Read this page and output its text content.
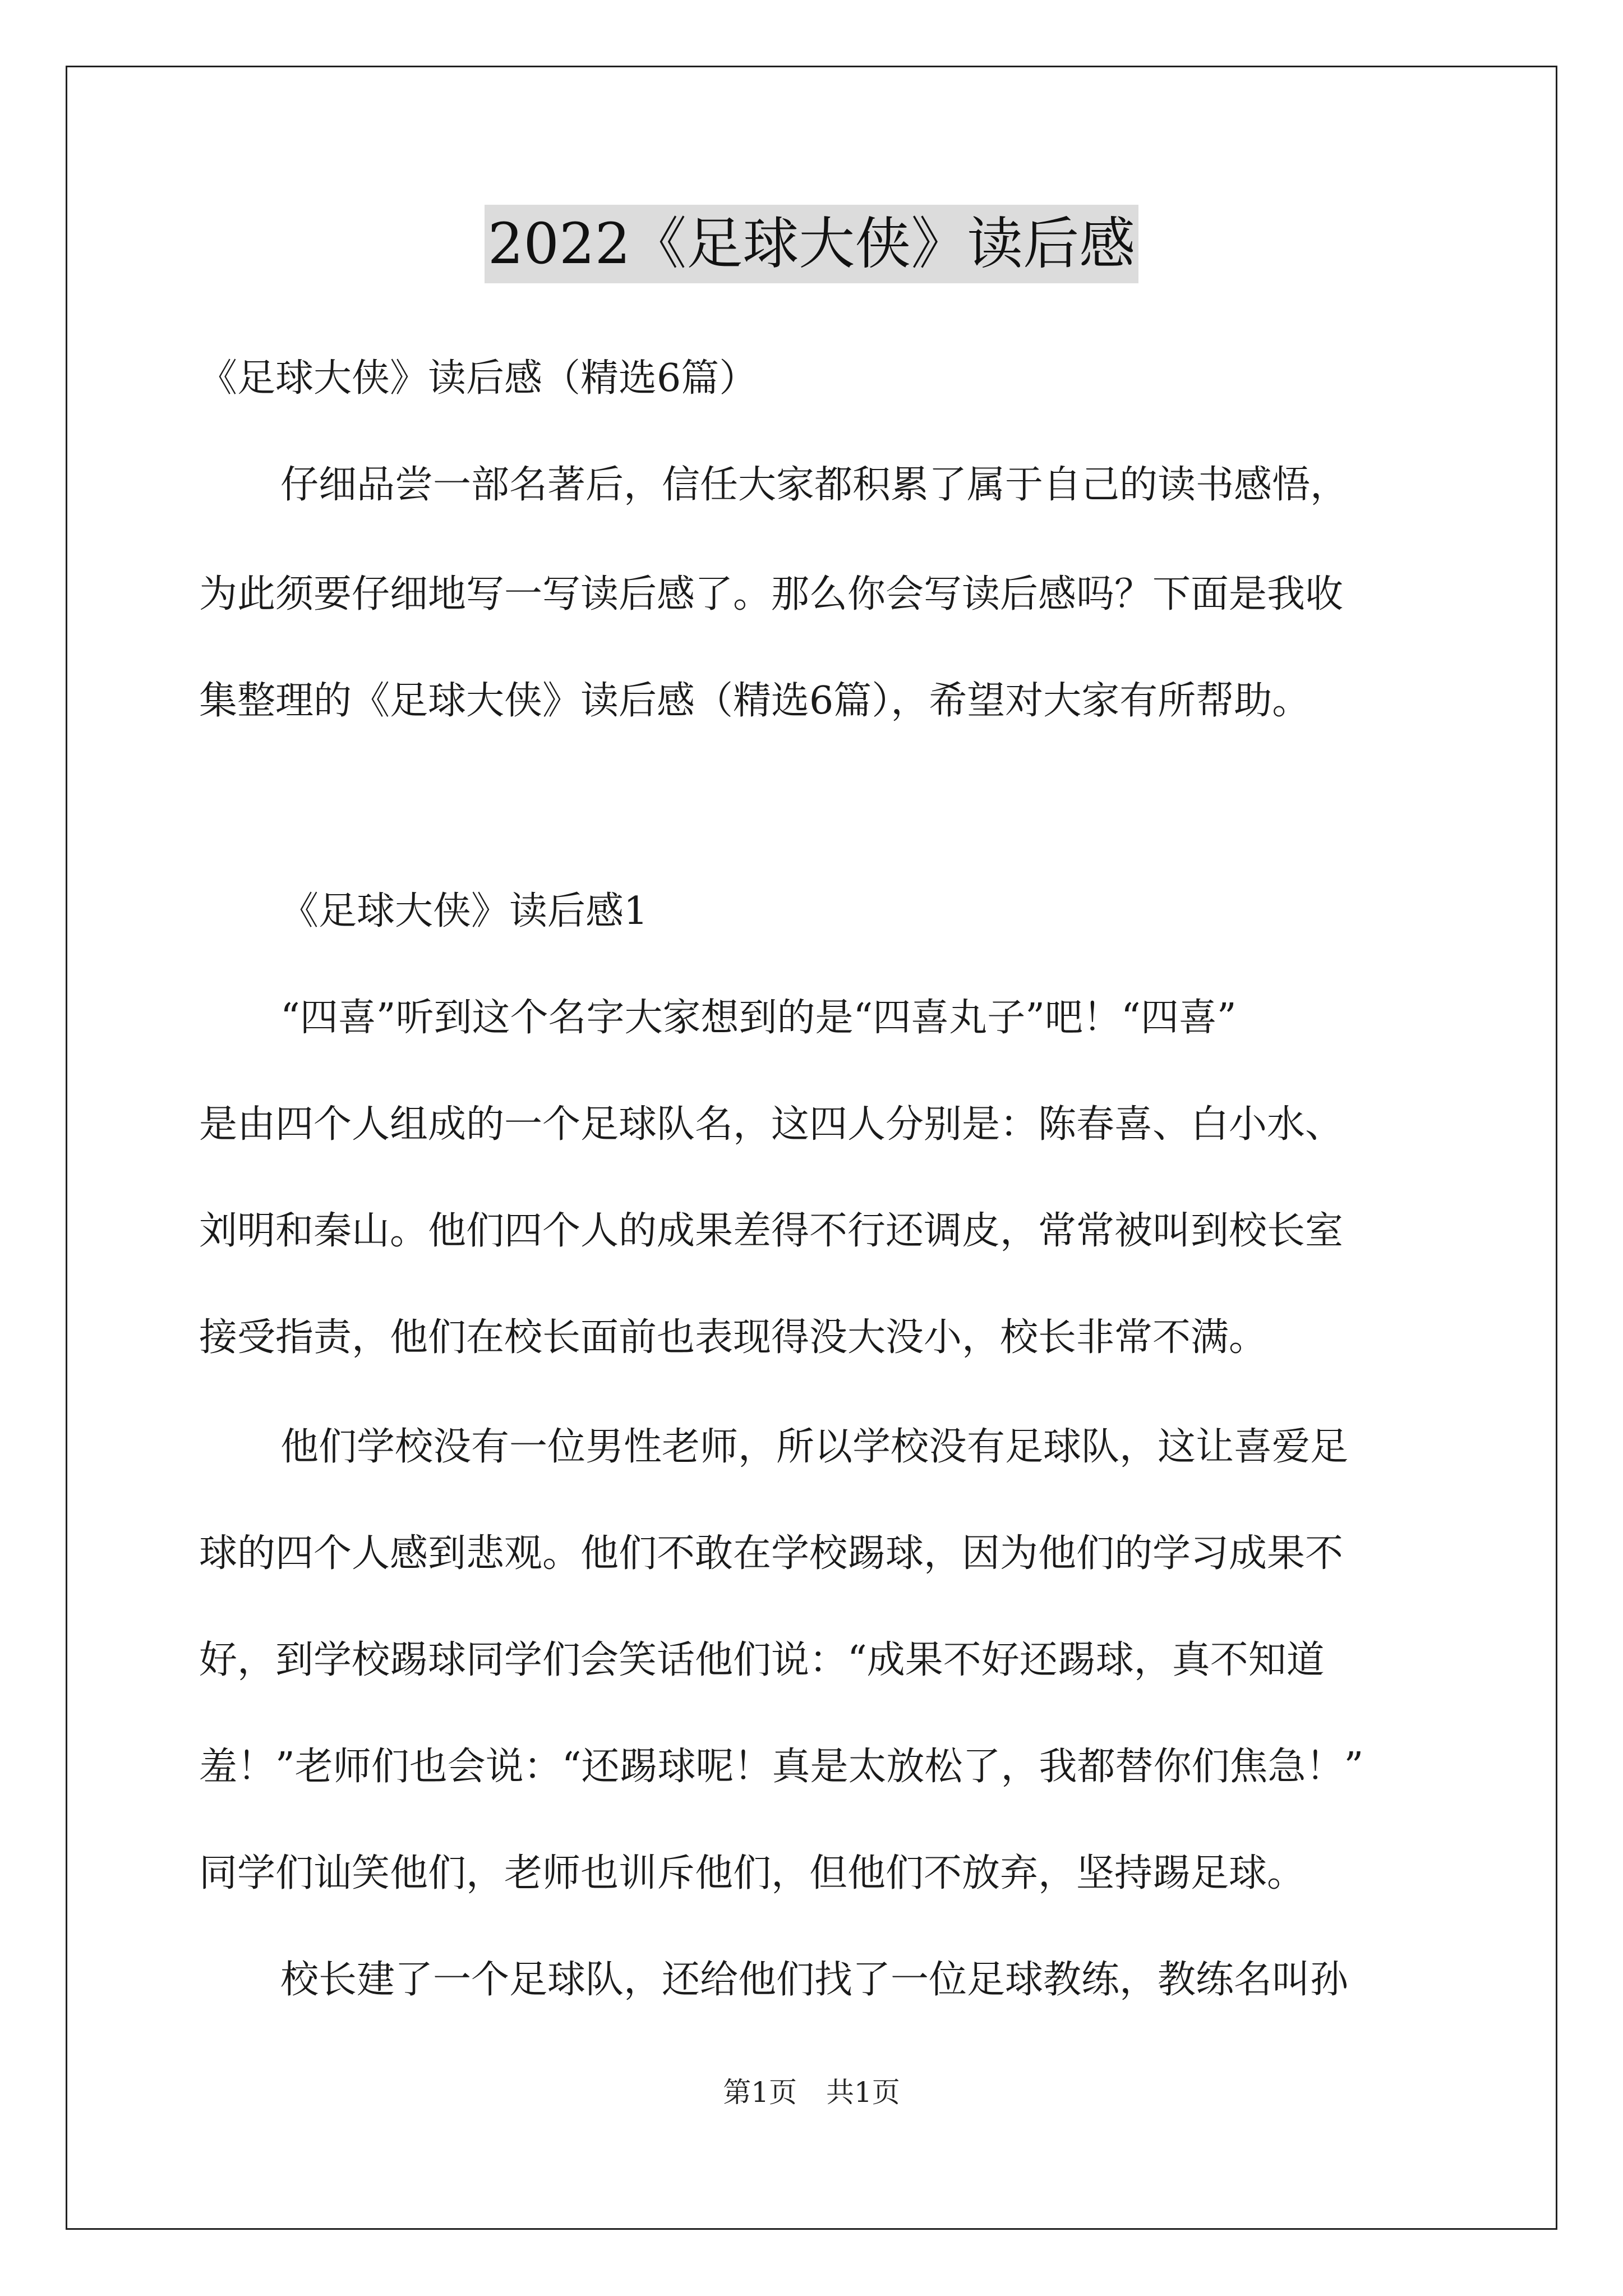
2022《足球大侠》读后感

《足球大侠》读后感（精选6篇）

仔细品尝一部名著后，信任大家都积累了属于自己的读书感悟，

为此须要仔细地写一写读后感了。那么你会写读后感吗？下面是我收

集整理的《足球大侠》读后感（精选6篇），希望对大家有所帮助。

《足球大侠》读后感1

“四喜”听到这个名字大家想到的是“四喜丸子”吧！“四喜”

是由四个人组成的一个足球队名，这四人分别是：陈春喜、白小水、

刘明和秦山。他们四个人的成果差得不行还调皮，常常被叫到校长室

接受指责，他们在校长面前也表现得没大没小，校长非常不满。

他们学校没有一位男性老师，所以学校没有足球队，这让喜爱足

球的四个人感到悲观。他们不敢在学校踢球，因为他们的学习成果不

好，到学校踢球同学们会笑话他们说：“成果不好还踢球，真不知道

羞！”老师们也会说：“还踢球呢！真是太放松了，我都替你们焦急！”

同学们讪笑他们，老师也训斥他们，但他们不放弃，坚持踢足球。

校长建了一个足球队，还给他们找了一位足球教练，教练名叫孙

第1页 共1页
